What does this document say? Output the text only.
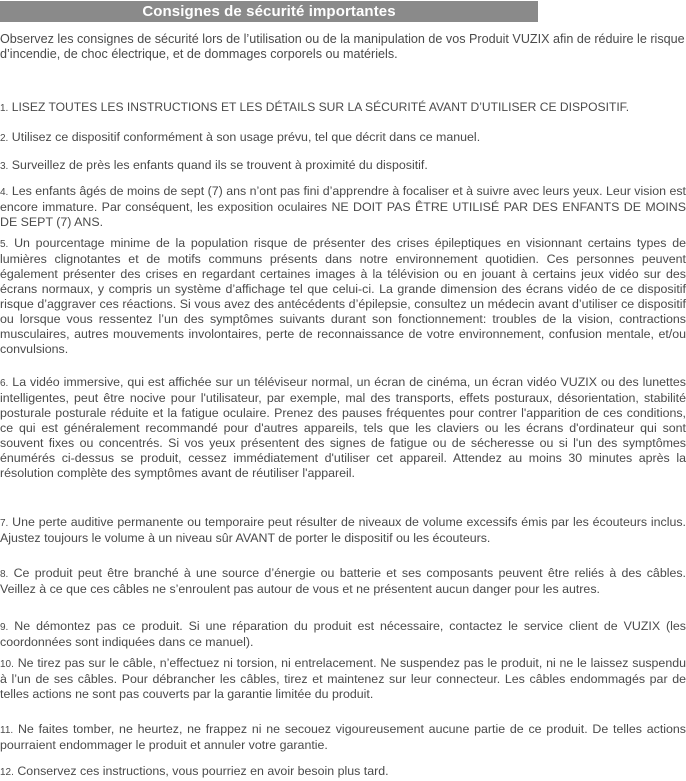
Consignes de sécurité importantes
Observez les consignes de sécurité lors de l’utilisation ou de la manipulation de vos Produit VUZIX afin de réduire le risque d’incendie, de choc électrique, et de dommages corporels ou matériels.
1. LISEZ TOUTES LES INSTRUCTIONS ET LES DÉTAILS SUR LA SÉCURITÉ AVANT D’UTILISER CE DISPOSITIF.
2. Utilisez ce dispositif conformément à son usage prévu, tel que décrit dans ce manuel.
3. Surveillez de près les enfants quand ils se trouvent à proximité du dispositif.
4. Les enfants âgés de moins de sept (7) ans n’ont pas fini d’apprendre à focaliser et à suivre avec leurs yeux. Leur vision est encore immature. Par conséquent, les exposition oculaires NE DOIT PAS ÊTRE UTILISÉ PAR DES ENFANTS DE MOINS DE SEPT (7) ANS.
5. Un pourcentage minime de la population risque de présenter des crises épileptiques en visionnant certains types de lumières clignotantes et de motifs communs présents dans notre environnement quotidien. Ces personnes peuvent également présenter des crises en regardant certaines images à la télévision ou en jouant à certains jeux vidéo sur des écrans normaux, y compris un système d’affichage tel que celui-ci. La grande dimension des écrans vidéo de ce dispositif risque d’aggraver ces réactions. Si vous avez des antécédents d’épilepsie, consultez un médecin avant d’utiliser ce dispositif ou lorsque vous ressentez l’un des symptômes suivants durant son fonctionnement: troubles de la vision, contractions musculaires, autres mouvements involontaires, perte de reconnaissance de votre environnement, confusion mentale, et/ou convulsions.
6. La vidéo immersive, qui est affichée sur un téléviseur normal, un écran de cinéma, un écran vidéo VUZIX ou des lunettes intelligentes, peut être nocive pour l'utilisateur, par exemple, mal des transports, effets posturaux, désorientation, stabilité posturale posturale réduite et la fatigue oculaire. Prenez des pauses fréquentes pour contrer l'apparition de ces conditions, ce qui est généralement recommandé pour d'autres appareils, tels que les claviers ou les écrans d'ordinateur qui sont souvent fixes ou concentrés. Si vos yeux présentent des signes de fatigue ou de sécheresse ou si l'un des symptômes énumérés ci-dessus se produit, cessez immédiatement d'utiliser cet appareil. Attendez au moins 30 minutes après la résolution complète des symptômes avant de réutiliser l'appareil.
7. Une perte auditive permanente ou temporaire peut résulter de niveaux de volume excessifs émis par les écouteurs inclus. Ajustez toujours le volume à un niveau sûr AVANT de porter le dispositif ou les écouteurs.
8. Ce produit peut être branché à une source d’énergie ou batterie et ses composants peuvent être reliés à des câbles. Veillez à ce que ces câbles ne s’enroulent pas autour de vous et ne présentent aucun danger pour les autres.
9. Ne démontez pas ce produit. Si une réparation du produit est nécessaire, contactez le service client de VUZIX (les coordonnées sont indiquées dans ce manuel).
10. Ne tirez pas sur le câble, n’effectuez ni torsion, ni entrelacement. Ne suspendez pas le produit, ni ne le laissez suspendu à l’un de ses câbles. Pour débrancher les câbles, tirez et maintenez sur leur connecteur. Les câbles endommagés par de telles actions ne sont pas couverts par la garantie limitée du produit.
11. Ne faites tomber, ne heurtez, ne frappez ni ne secouez vigoureusement aucune partie de ce produit. De telles actions pourraient endommager le produit et annuler votre garantie.
12. Conservez ces instructions, vous pourriez en avoir besoin plus tard.
